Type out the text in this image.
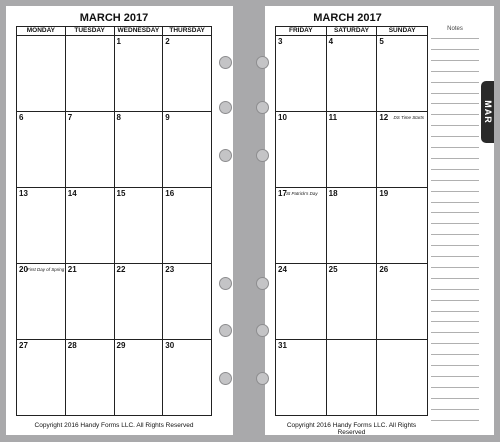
MARCH 2017
MONDAY	TUESDAY	WEDNESDAY	THURSDAY

		1	2

6	7	8	9

13	14	15	16

20 First Day of Spring	21	22	23

27	28	29	30
Copyright 2016 Handy Forms LLC. All Rights Reserved
MARCH 2017
FRIDAY	SATURDAY	SUNDAY

3	4	5

10	11	12 DS Time Starts

17 St Patrick's Day	18	19

24	25	26

31		

Notes
Copyright 2016 Handy Forms LLC. All Rights Reserved
MAR
